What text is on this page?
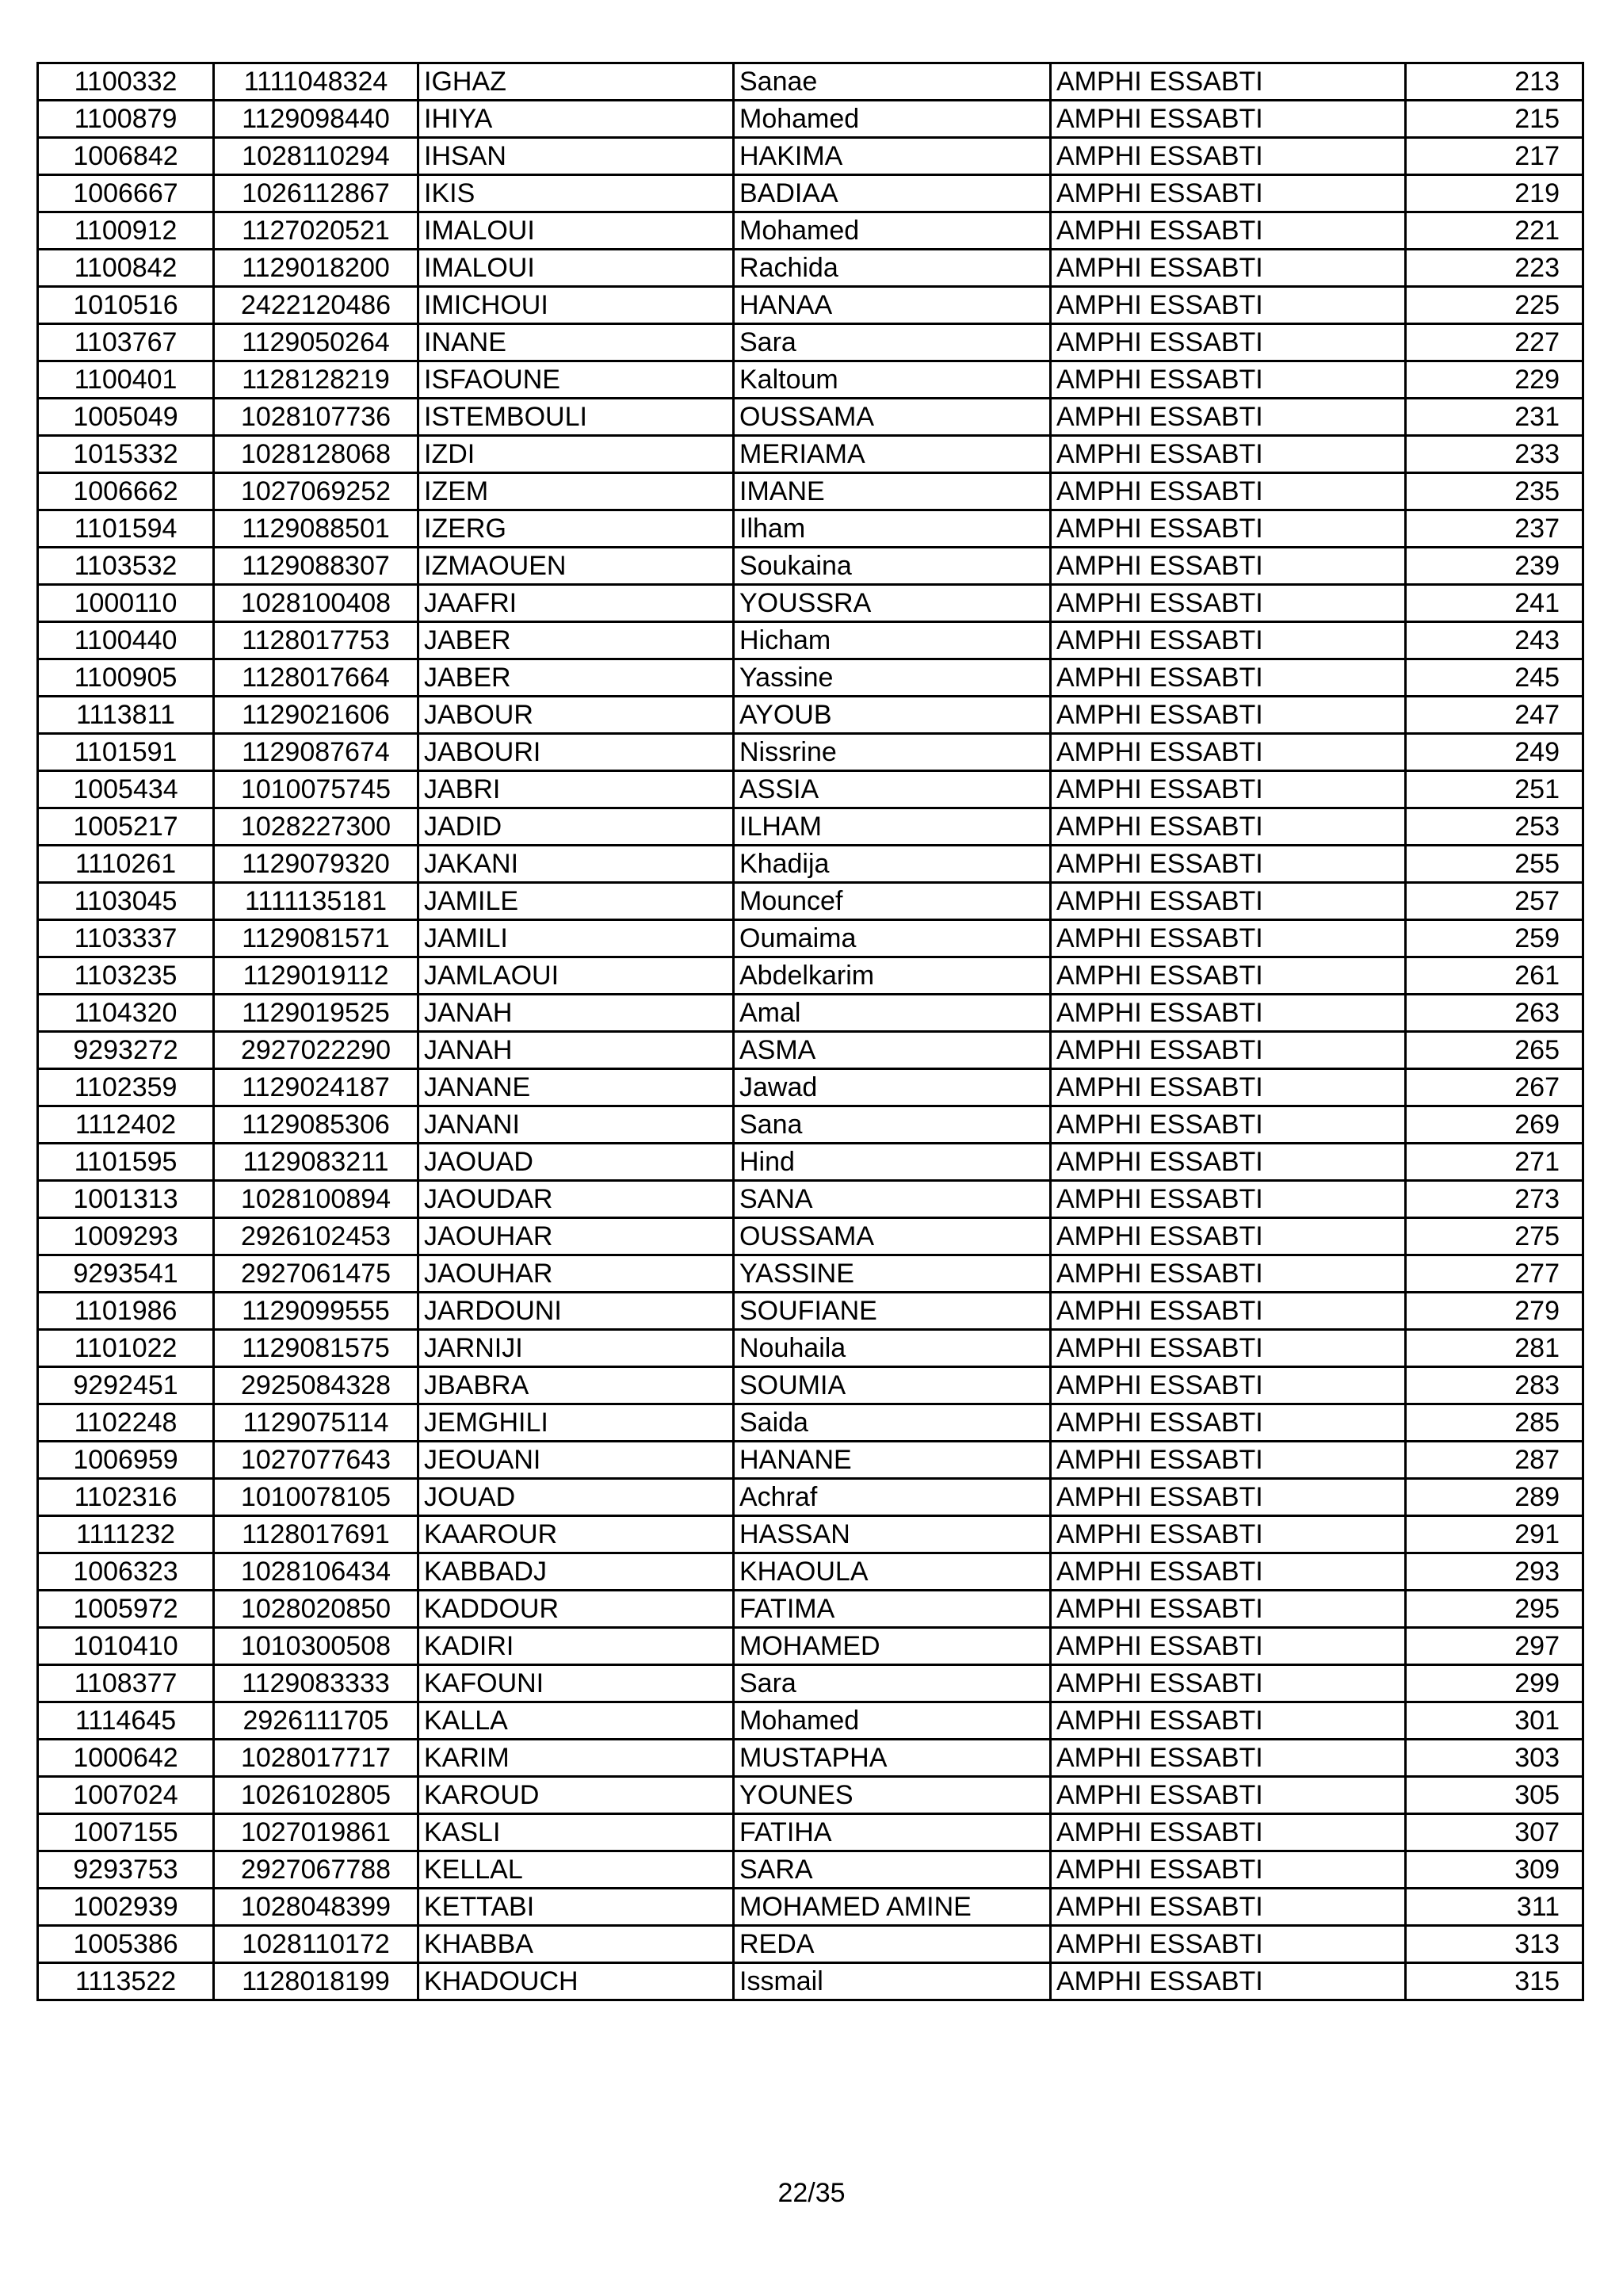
1100332	1111048324	IGHAZ	Sanae	AMPHI ESSABTI	213
1100879	1129098440	IHIYA	Mohamed	AMPHI ESSABTI	215
1006842	1028110294	IHSAN	HAKIMA	AMPHI ESSABTI	217
1006667	1026112867	IKIS	BADIAA	AMPHI ESSABTI	219
1100912	1127020521	IMALOUI	Mohamed	AMPHI ESSABTI	221
1100842	1129018200	IMALOUI	Rachida	AMPHI ESSABTI	223
1010516	2422120486	IMICHOUI	HANAA	AMPHI ESSABTI	225
1103767	1129050264	INANE	Sara	AMPHI ESSABTI	227
1100401	1128128219	ISFAOUNE	Kaltoum	AMPHI ESSABTI	229
1005049	1028107736	ISTEMBOULI	OUSSAMA	AMPHI ESSABTI	231
1015332	1028128068	IZDI	MERIAMA	AMPHI ESSABTI	233
1006662	1027069252	IZEM	IMANE	AMPHI ESSABTI	235
1101594	1129088501	IZERG	Ilham	AMPHI ESSABTI	237
1103532	1129088307	IZMAOUEN	Soukaina	AMPHI ESSABTI	239
1000110	1028100408	JAAFRI	YOUSSRA	AMPHI ESSABTI	241
1100440	1128017753	JABER	Hicham	AMPHI ESSABTI	243
1100905	1128017664	JABER	Yassine	AMPHI ESSABTI	245
1113811	1129021606	JABOUR	AYOUB	AMPHI ESSABTI	247
1101591	1129087674	JABOURI	Nissrine	AMPHI ESSABTI	249
1005434	1010075745	JABRI	ASSIA	AMPHI ESSABTI	251
1005217	1028227300	JADID	ILHAM	AMPHI ESSABTI	253
1110261	1129079320	JAKANI	Khadija	AMPHI ESSABTI	255
1103045	1111135181	JAMILE	Mouncef	AMPHI ESSABTI	257
1103337	1129081571	JAMILI	Oumaima	AMPHI ESSABTI	259
1103235	1129019112	JAMLAOUI	Abdelkarim	AMPHI ESSABTI	261
1104320	1129019525	JANAH	Amal	AMPHI ESSABTI	263
9293272	2927022290	JANAH	ASMA	AMPHI ESSABTI	265
1102359	1129024187	JANANE	Jawad	AMPHI ESSABTI	267
1112402	1129085306	JANANI	Sana	AMPHI ESSABTI	269
1101595	1129083211	JAOUAD	Hind	AMPHI ESSABTI	271
1001313	1028100894	JAOUDAR	SANA	AMPHI ESSABTI	273
1009293	2926102453	JAOUHAR	OUSSAMA	AMPHI ESSABTI	275
9293541	2927061475	JAOUHAR	YASSINE	AMPHI ESSABTI	277
1101986	1129099555	JARDOUNI	SOUFIANE	AMPHI ESSABTI	279
1101022	1129081575	JARNIJI	Nouhaila	AMPHI ESSABTI	281
9292451	2925084328	JBABRA	SOUMIA	AMPHI ESSABTI	283
1102248	1129075114	JEMGHILI	Saida	AMPHI ESSABTI	285
1006959	1027077643	JEOUANI	HANANE	AMPHI ESSABTI	287
1102316	1010078105	JOUAD	Achraf	AMPHI ESSABTI	289
1111232	1128017691	KAAROUR	HASSAN	AMPHI ESSABTI	291
1006323	1028106434	KABBADJ	KHAOULA	AMPHI ESSABTI	293
1005972	1028020850	KADDOUR	FATIMA	AMPHI ESSABTI	295
1010410	1010300508	KADIRI	MOHAMED	AMPHI ESSABTI	297
1108377	1129083333	KAFOUNI	Sara	AMPHI ESSABTI	299
1114645	2926111705	KALLA	Mohamed	AMPHI ESSABTI	301
1000642	1028017717	KARIM	MUSTAPHA	AMPHI ESSABTI	303
1007024	1026102805	KAROUD	YOUNES	AMPHI ESSABTI	305
1007155	1027019861	KASLI	FATIHA	AMPHI ESSABTI	307
9293753	2927067788	KELLAL	SARA	AMPHI ESSABTI	309
1002939	1028048399	KETTABI	MOHAMED AMINE	AMPHI ESSABTI	311
1005386	1028110172	KHABBA	REDA	AMPHI ESSABTI	313
1113522	1128018199	KHADOUCH	Issmail	AMPHI ESSABTI	315
22/35
